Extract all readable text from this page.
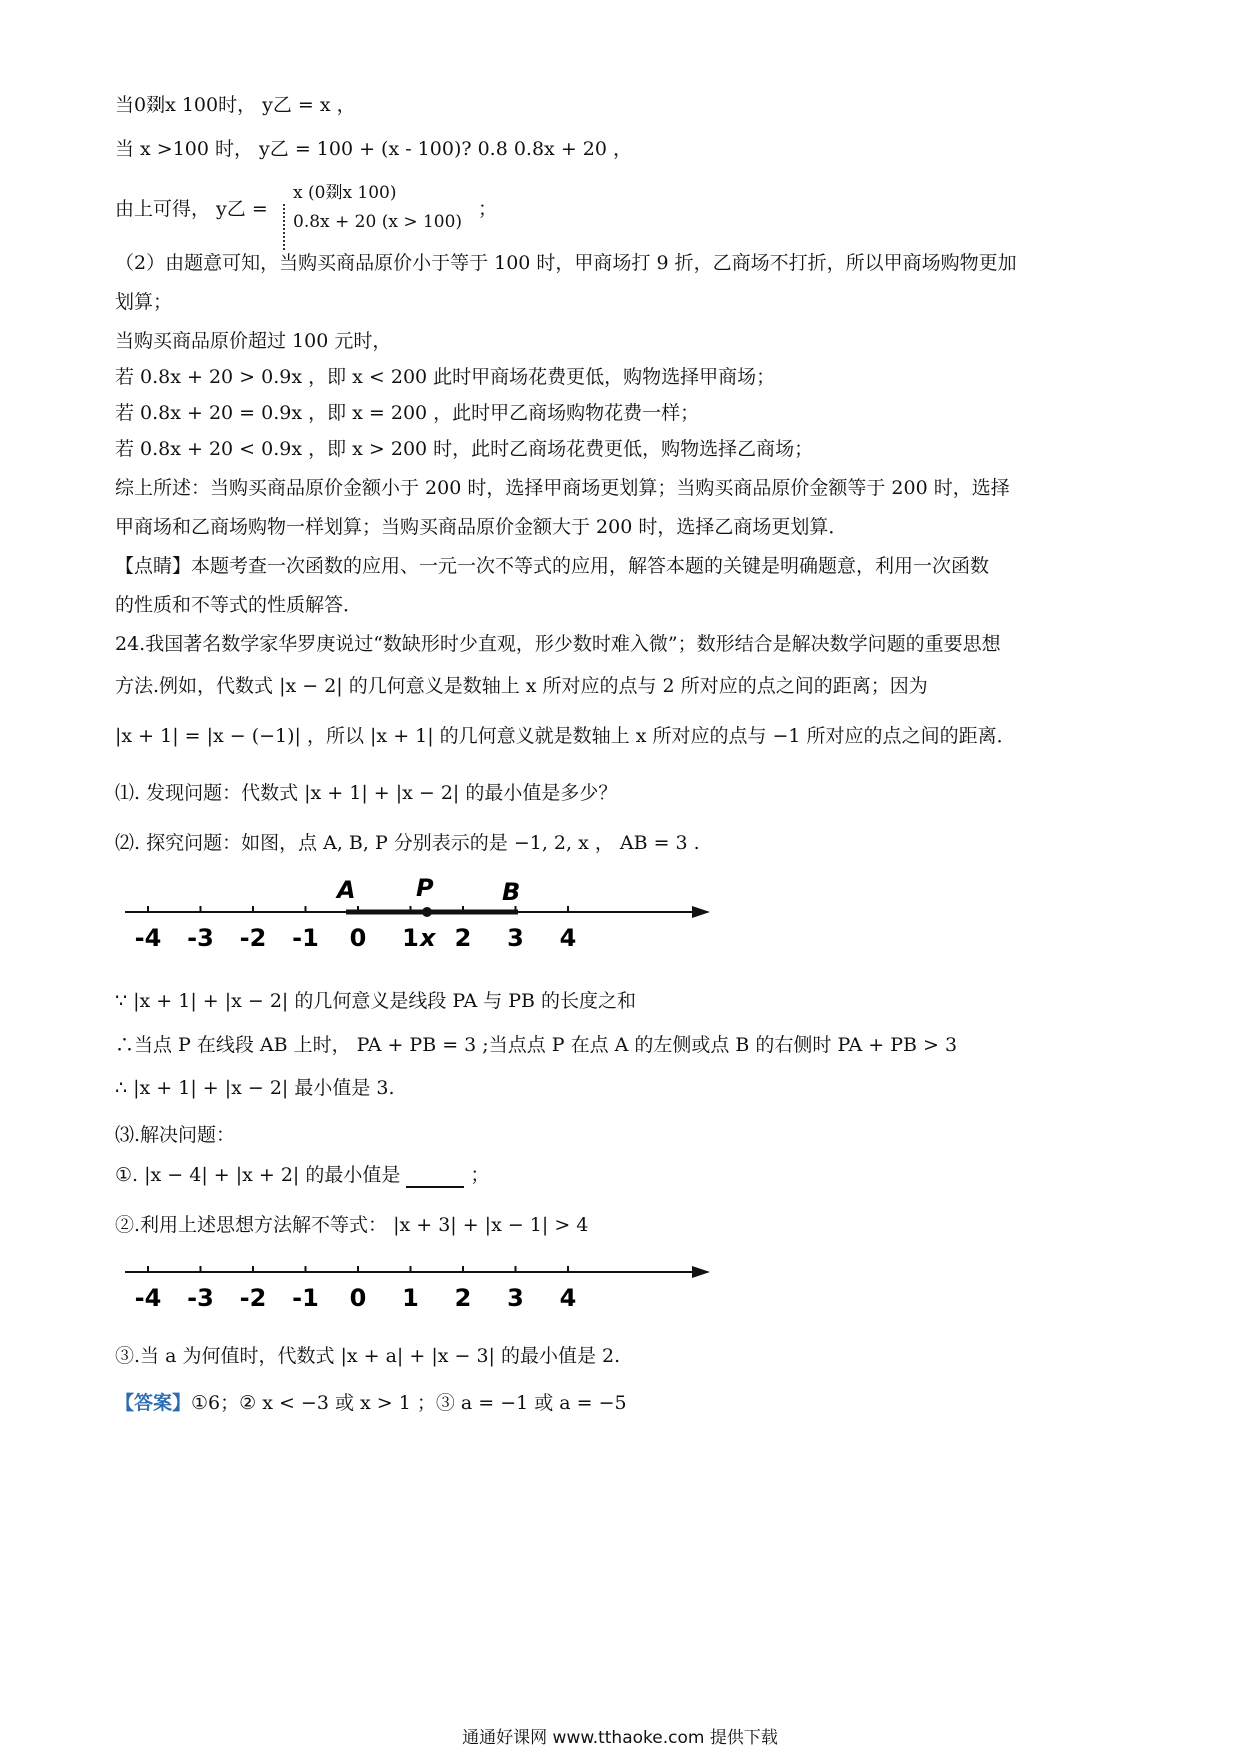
当0剟x 100时， y乙 = x ，
当 x >100 时， y乙 = 100 + (x - 100)? 0.8 0.8x + 20 ，
由上可得， y乙 =
x (0剟x 100)
0.8x + 20 (x > 100)
；
（2）由题意可知，当购买商品原价小于等于 100 时，甲商场打 9 折，乙商场不打折，所以甲商场购物更加
划算；
当购买商品原价超过 100 元时，
若 0.8x + 20 > 0.9x ，即 x < 200 此时甲商场花费更低，购物选择甲商场；
若 0.8x + 20 = 0.9x ，即 x = 200 ，此时甲乙商场购物花费一样；
若 0.8x + 20 < 0.9x ，即 x > 200 时，此时乙商场花费更低，购物选择乙商场；
综上所述：当购买商品原价金额小于 200 时，选择甲商场更划算；当购买商品原价金额等于 200 时，选择
甲商场和乙商场购物一样划算；当购买商品原价金额大于 200 时，选择乙商场更划算．
【点睛】本题考查一次函数的应用、一元一次不等式的应用，解答本题的关键是明确题意，利用一次函数
的性质和不等式的性质解答．
24.我国著名数学家华罗庚说过“数缺形时少直观，形少数时难入微”；数形结合是解决数学问题的重要思想
方法.例如，代数式 |x − 2| 的几何意义是数轴上 x 所对应的点与 2 所对应的点之间的距离；因为
|x + 1| = |x − (−1)| ，所以 |x + 1| 的几何意义就是数轴上 x 所对应的点与 −1 所对应的点之间的距离．
⑴. 发现问题：代数式 |x + 1| + |x − 2| 的最小值是多少？
⑵. 探究问题：如图，点 A, B, P 分别表示的是 −1, 2, x ， AB = 3 .
-4 -3 -2 -1 0 1 2 3 4
A	P	B
x
∵ |x + 1| + |x − 2| 的几何意义是线段 PA 与 PB 的长度之和
∴当点 P 在线段 AB 上时， PA + PB = 3 ;当点点 P 在点 A 的左侧或点 B 的右侧时 PA + PB > 3
∴ |x + 1| + |x − 2| 最小值是 3.
⑶.解决问题：
①. |x − 4| + |x + 2| 的最小值是	；
②.利用上述思想方法解不等式： |x + 3| + |x − 1| > 4
-4 -3 -2 -1 0 1 2 3 4
③.当 a 为何值时，代数式 |x + a| + |x − 3| 的最小值是 2.
【答案】①6；② x < −3 或 x > 1 ；③ a = −1 或 a = −5
通通好课网 www.tthaoke.com 提供下载
